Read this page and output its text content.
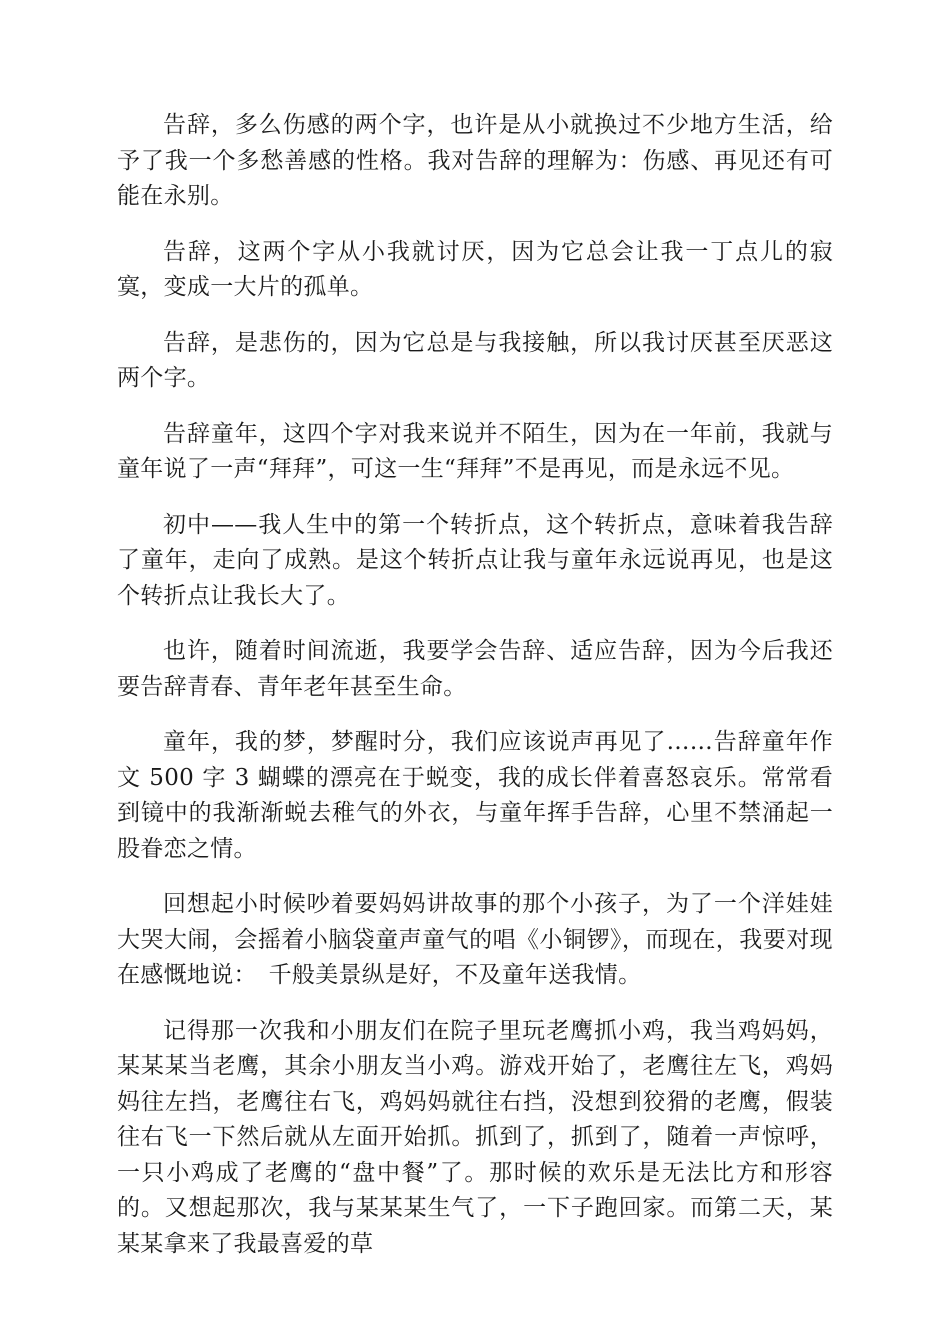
告辞，多么伤感的两个字，也许是从小就换过不少地方生活，给予了我一个多愁善感的性格。我对告辞的理解为：伤感、再见还有可能在永别。

告辞，这两个字从小我就讨厌，因为它总会让我一丁点儿的寂寞，变成一大片的孤单。

告辞，是悲伤的，因为它总是与我接触，所以我讨厌甚至厌恶这两个字。

告辞童年，这四个字对我来说并不陌生，因为在一年前，我就与童年说了一声“拜拜”，可这一生“拜拜”不是再见，而是永远不见。

初中——我人生中的第一个转折点，这个转折点，意味着我告辞了童年，走向了成熟。是这个转折点让我与童年永远说再见，也是这个转折点让我长大了。

也许，随着时间流逝，我要学会告辞、适应告辞，因为今后我还要告辞青春、青年老年甚至生命。

童年，我的梦，梦醒时分，我们应该说声再见了……告辞童年作文 500 字 3 蝴蝶的漂亮在于蜕变，我的成长伴着喜怒哀乐。常常看到镜中的我渐渐蜕去稚气的外衣，与童年挥手告辞，心里不禁涌起一股眷恋之情。

回想起小时候吵着要妈妈讲故事的那个小孩子，为了一个洋娃娃大哭大闹，会摇着小脑袋童声童气的唱《小铜锣》，而现在，我要对现在感慨地说：　千般美景纵是好，不及童年送我情。

记得那一次我和小朋友们在院子里玩老鹰抓小鸡，我当鸡妈妈，某某某当老鹰，其余小朋友当小鸡。游戏开始了，老鹰往左飞，鸡妈妈往左挡，老鹰往右飞，鸡妈妈就往右挡，没想到狡猾的老鹰，假装往右飞一下然后就从左面开始抓。抓到了，抓到了，随着一声惊呼，一只小鸡成了老鹰的“盘中餐”了。那时候的欢乐是无法比方和形容的。又想起那次，我与某某某生气了，一下子跑回家。而第二天，某某某拿来了我最喜爱的草
